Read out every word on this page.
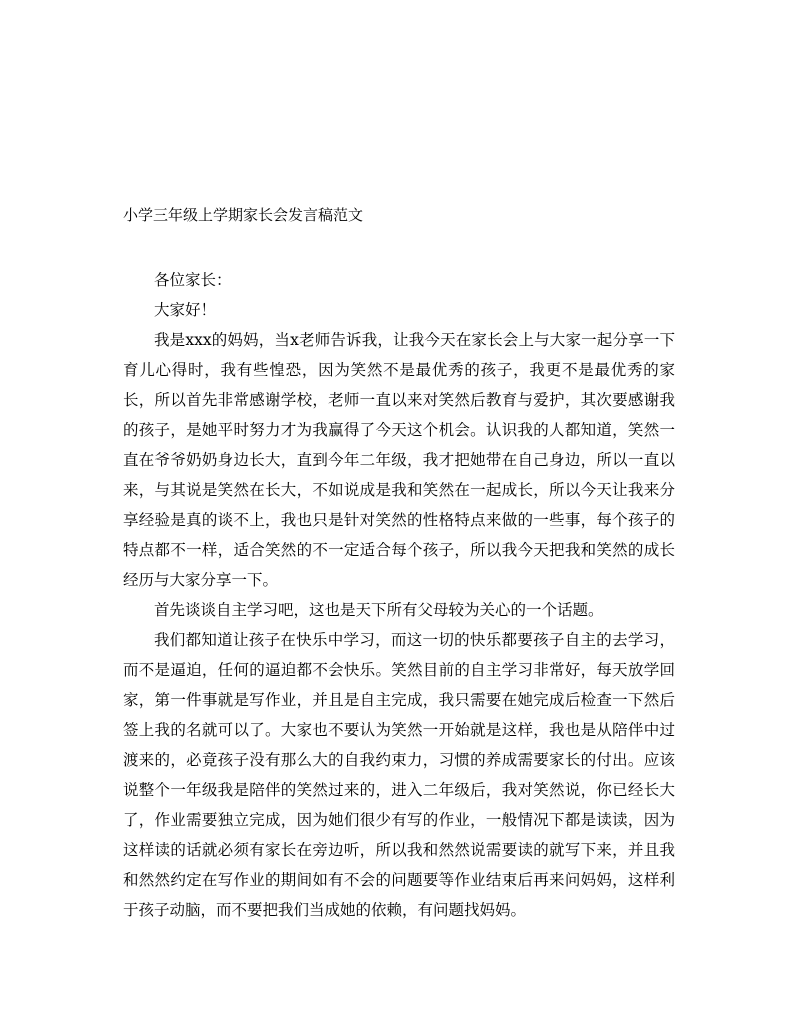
小学三年级上学期家长会发言稿范文

各位家长：

大家好！

我是xxx的妈妈，当x老师告诉我，让我今天在家长会上与大家一起分享一下育儿心得时，我有些惶恐，因为笑然不是最优秀的孩子，我更不是最优秀的家长，所以首先非常感谢学校，老师一直以来对笑然后教育与爱护，其次要感谢我的孩子，是她平时努力才为我赢得了今天这个机会。认识我的人都知道，笑然一直在爷爷奶奶身边长大，直到今年二年级，我才把她带在自己身边，所以一直以来，与其说是笑然在长大，不如说成是我和笑然在一起成长，所以今天让我来分享经验是真的谈不上，我也只是针对笑然的性格特点来做的一些事，每个孩子的特点都不一样，适合笑然的不一定适合每个孩子，所以我今天把我和笑然的成长经历与大家分享一下。

首先谈谈自主学习吧，这也是天下所有父母较为关心的一个话题。

我们都知道让孩子在快乐中学习，而这一切的快乐都要孩子自主的去学习，而不是逼迫，任何的逼迫都不会快乐。笑然目前的自主学习非常好，每天放学回家，第一件事就是写作业，并且是自主完成，我只需要在她完成后检查一下然后签上我的名就可以了。大家也不要认为笑然一开始就是这样，我也是从陪伴中过渡来的，必竟孩子没有那么大的自我约束力，习惯的养成需要家长的付出。应该说整个一年级我是陪伴的笑然过来的，进入二年级后，我对笑然说，你已经长大了，作业需要独立完成，因为她们很少有写的作业，一般情况下都是读读，因为这样读的话就必须有家长在旁边听，所以我和然然说需要读的就写下来，并且我和然然约定在写作业的期间如有不会的问题要等作业结束后再来问妈妈，这样利于孩子动脑，而不要把我们当成她的依赖，有问题找妈妈。
